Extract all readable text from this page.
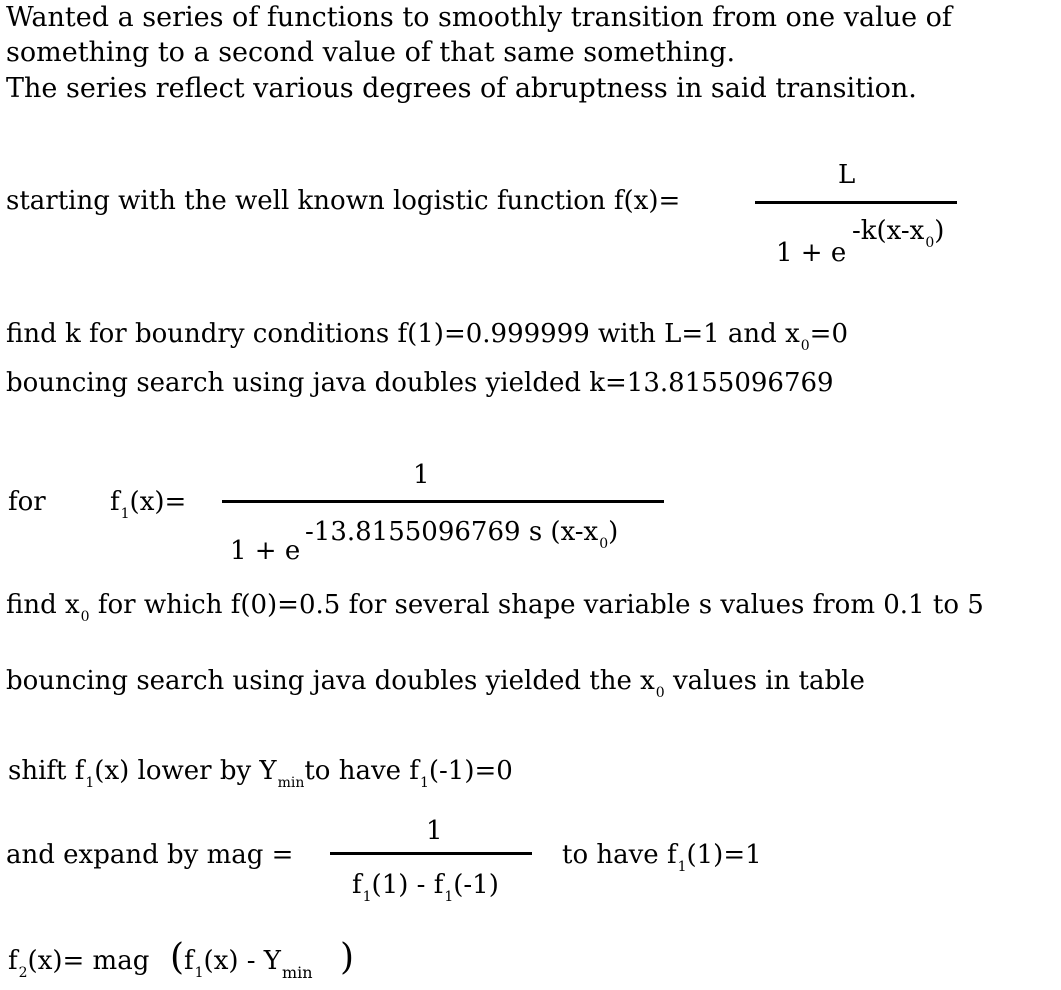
Wanted a series of functions to smoothly transition from one value of
something to a second value of that same something.
The series reflect various degrees of abruptness in said transition.
starting with the well known logistic function f(x)=
L
1 + e
$-k(x-x_0)$
find k for boundry conditions f(1)=0.999999 with L=1 and $x_0=0$
bouncing search using java doubles yielded k=13.8155096769
for $f_1(x)=$
1
1 + e
-13.8155096769 s $(x-x_0)$
find $x_0$ for which f(0)=0.5 for several shape variable s values from 0.1 to 5
bouncing search using java doubles yielded the $x_0$ values in table
shift $f_1(x)$ lower by $Y_{min}to$ have $f_1(-1)=0$
and expand by mag =
1
$f_1(1) - f_1(-1)$
to have $f_1(1)=1$
$f_2(x)=$ mag ( $f_1(x) - Y_{min}$ )
